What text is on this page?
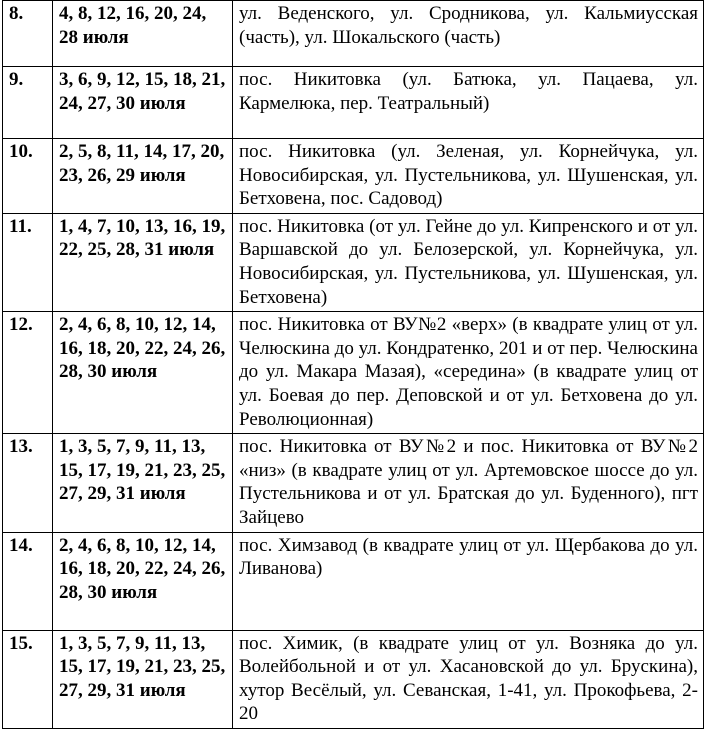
8.	4, 8, 12, 16, 20, 24, 28 июля	ул. Веденского, ул. Сродникова, ул. Кальмиусская (часть), ул. Шокальского (часть)

9.	3, 6, 9, 12, 15, 18, 21, 24, 27, 30 июля	пос. Никитовка (ул. Батюка, ул. Пацаева, ул. Кармелюка, пер. Театральный)

10.	2, 5, 8, 11, 14, 17, 20, 23, 26, 29 июля	пос. Никитовка (ул. Зеленая, ул. Корнейчука, ул. Новосибирская, ул. Пустельникова, ул. Шушенская, ул. Бетховена, пос. Садовод)

11.	1, 4, 7, 10, 13, 16, 19, 22, 25, 28, 31 июля	пос. Никитовка (от ул. Гейне до ул. Кипренского и от ул. Варшавской до ул. Белозерской, ул. Корнейчука, ул. Новосибирская, ул. Пустельникова, ул. Шушенская, ул. Бетховена)

12.	2, 4, 6, 8, 10, 12, 14, 16, 18, 20, 22, 24, 26, 28, 30 июля	пос. Никитовка от ВУ№2 «верх» (в квадрате улиц от ул. Челюскина до ул. Кондратенко, 201 и от пер. Челюскина до ул. Макара Мазая), «середина» (в квадрате улиц от ул. Боевая до пер. Деповской и от ул. Бетховена до ул. Революционная)

13.	1, 3, 5, 7, 9, 11, 13, 15, 17, 19, 21, 23, 25, 27, 29, 31 июля	пос. Никитовка от ВУ№2 и пос. Никитовка от ВУ№2 «низ» (в квадрате улиц от ул. Артемовское шоссе до ул. Пустельникова и от ул. Братская до ул. Буденного), пгт Зайцево

14.	2, 4, 6, 8, 10, 12, 14, 16, 18, 20, 22, 24, 26, 28, 30 июля	пос. Химзавод (в квадрате улиц от ул. Щербакова до ул. Ливанова)

15.	1, 3, 5, 7, 9, 11, 13, 15, 17, 19, 21, 23, 25, 27, 29, 31 июля	пос. Химик, (в квадрате улиц от ул. Возняка до ул. Волейбольной и от ул. Хасановской до ул. Брускина), хутор Весёлый, ул. Севанская, 1-41, ул. Прокофьева, 2-20
